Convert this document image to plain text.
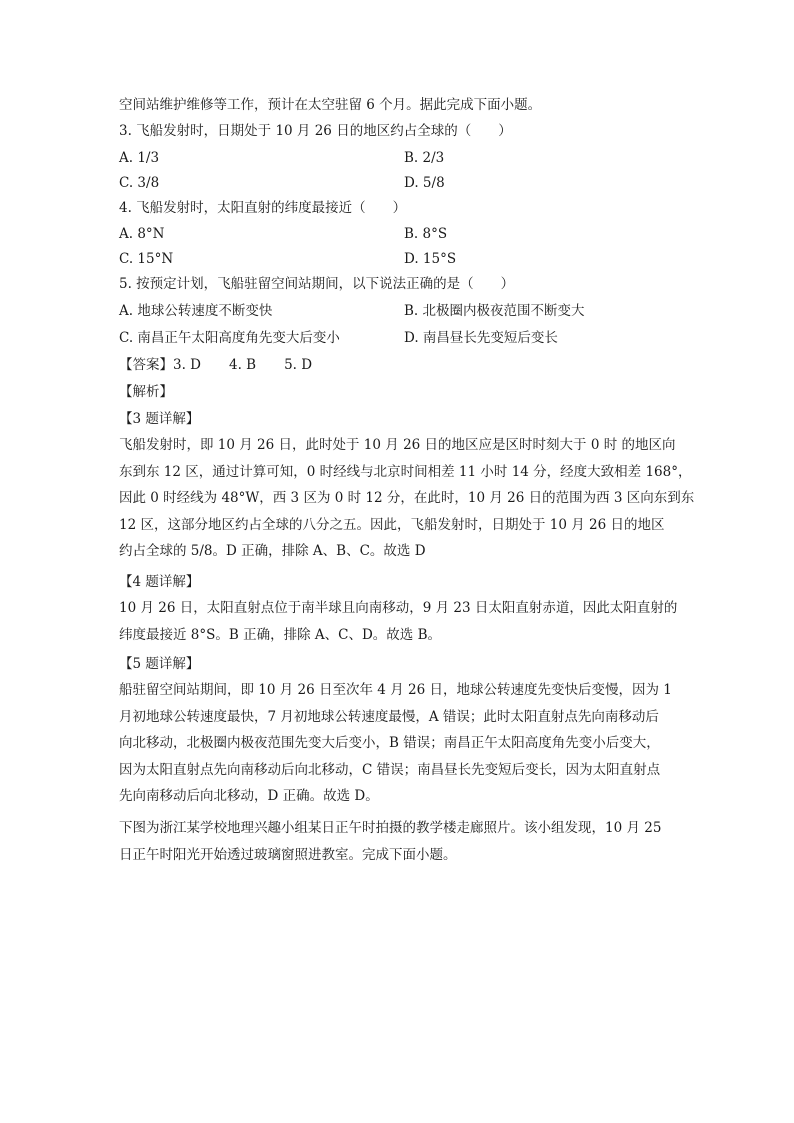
空间站维护维修等工作，预计在太空驻留 6 个月。据此完成下面小题。
3. 飞船发射时，日期处于 10 月 26 日的地区约占全球的（　　）
A. 1/3	B. 2/3
C. 3/8	D. 5/8
4. 飞船发射时，太阳直射的纬度最接近（　　）
A. 8°N	B. 8°S
C. 15°N	D. 15°S
5. 按预定计划，飞船驻留空间站期间，以下说法正确的是（　　）
A. 地球公转速度不断变快	B. 北极圈内极夜范围不断变大
C. 南昌正午太阳高度角先变大后变小	D. 南昌昼长先变短后变长
【答案】3. D 4. B 5. D
【解析】
【3 题详解】
飞船发射时，即 10 月 26 日，此时处于 10 月 26 日的地区应是区时时刻大于 0 时 的地区向
东到东 12 区，通过计算可知，0 时经线与北京时间相差 11 小时 14 分，经度大致相差 168°，
因此 0 时经线为 48°W，西 3 区为 0 时 12 分，在此时，10 月 26 日的范围为西 3 区向东到东
12 区，这部分地区约占全球的八分之五。因此，飞船发射时，日期处于 10 月 26 日的地区
约占全球的 5/8。D 正确，排除 A、B、C。故选 D
【4 题详解】
10 月 26 日，太阳直射点位于南半球且向南移动，9 月 23 日太阳直射赤道，因此太阳直射的
纬度最接近 8°S。B 正确，排除 A、C、D。故选 B。
【5 题详解】
船驻留空间站期间，即 10 月 26 日至次年 4 月 26 日，地球公转速度先变快后变慢，因为 1
月初地球公转速度最快，7 月初地球公转速度最慢，A 错误；此时太阳直射点先向南移动后
向北移动，北极圈内极夜范围先变大后变小，B 错误；南昌正午太阳高度角先变小后变大，
因为太阳直射点先向南移动后向北移动，C 错误；南昌昼长先变短后变长，因为太阳直射点
先向南移动后向北移动，D 正确。故选 D。
下图为浙江某学校地理兴趣小组某日正午时拍摄的教学楼走廊照片。该小组发现，10 月 25
日正午时阳光开始透过玻璃窗照进教室。完成下面小题。
